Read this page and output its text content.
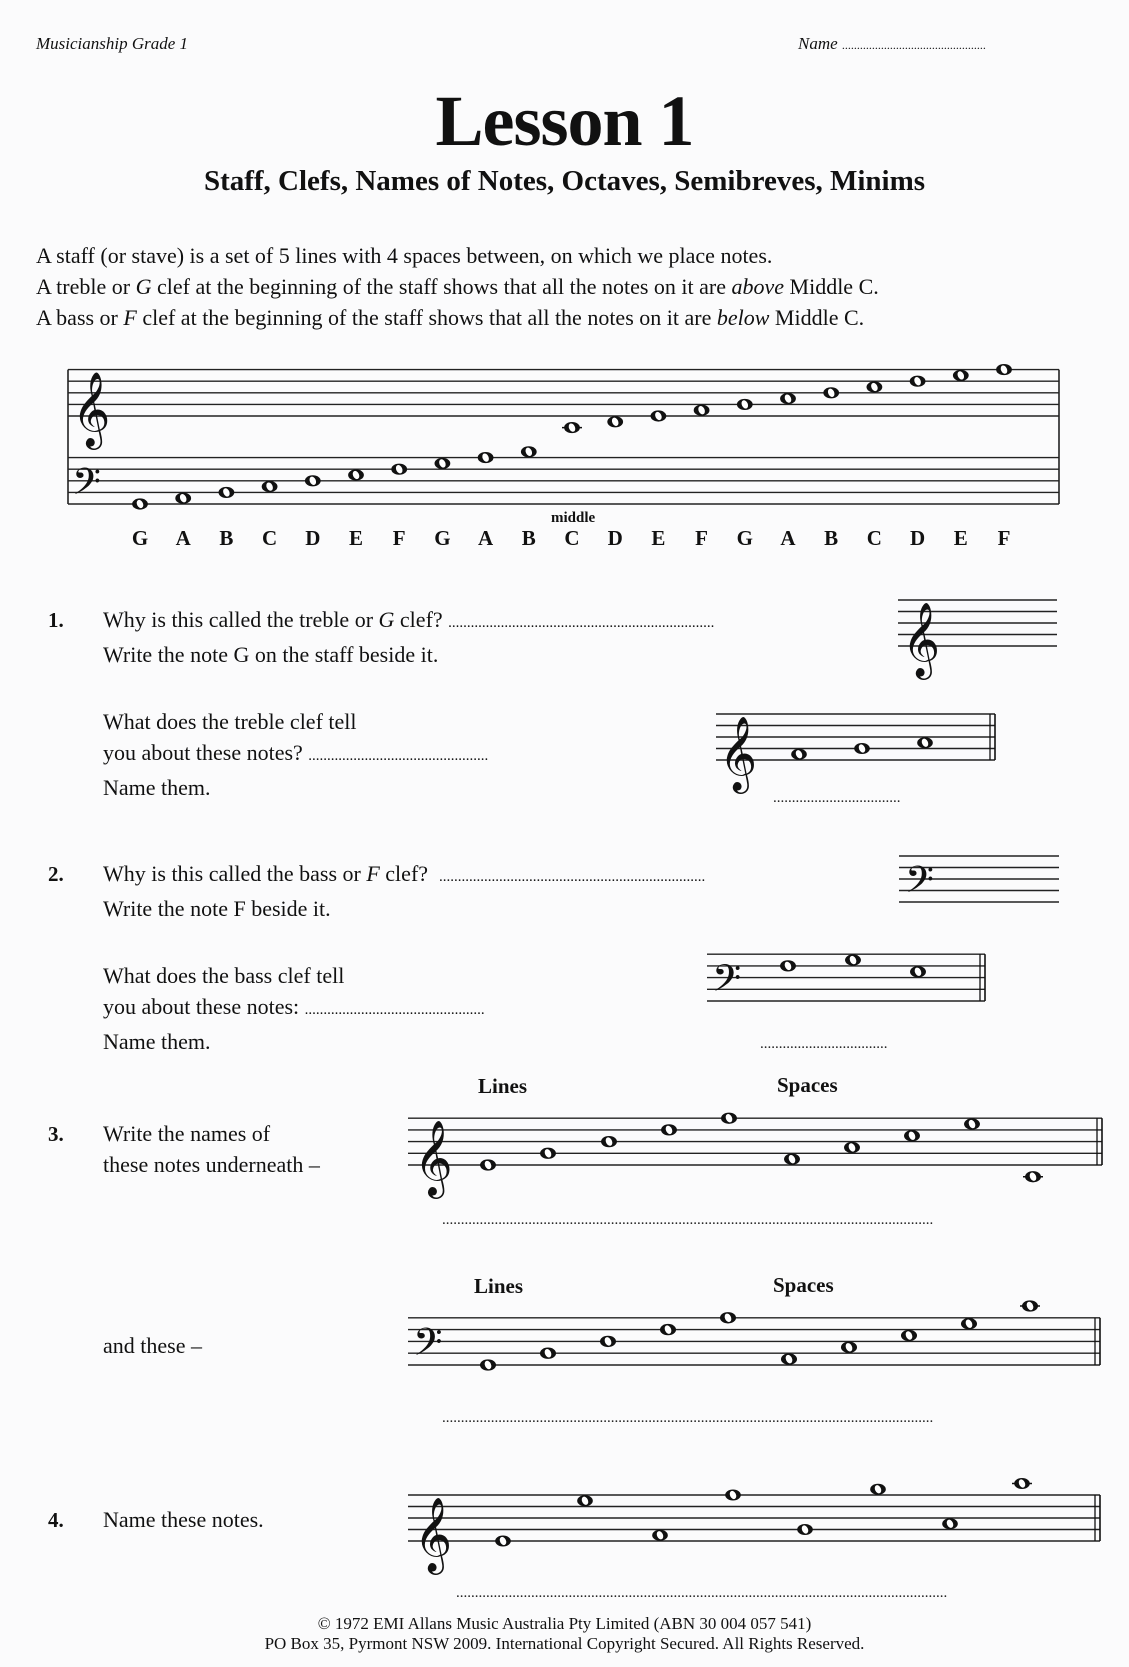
Musicianship Grade 1	Name ................................................
Lesson 1
Staff, Clefs, Names of Notes, Octaves, Semibreves, Minims
A staff (or stave) is a set of 5 lines with 4 spaces between, on which we place notes.
A treble or G clef at the beginning of the staff shows that all the notes on it are above Middle C.
A bass or F clef at the beginning of the staff shows that all the notes on it are below Middle C.
middle
G	A	B	C	D	E	F	G	A	B	C	D	E	F	G	A	B	C	D	E	F
1. Why is this called the treble or G clef? .......................................................................
Write the note G on the staff beside it.
What does the treble clef tell
you about these notes? ................................................
Name them.	..................................
2. Why is this called the bass or F clef? .......................................................................
Write the note F beside it.
What does the bass clef tell
you about these notes: ................................................
Name them.	..................................
Lines	Spaces
3. Write the names of
these notes underneath –
...................................................................................................................................
Lines	Spaces
and these –
...................................................................................................................................
4. Name these notes.
...................................................................................................................................
© 1972 EMI Allans Music Australia Pty Limited (ABN 30 004 057 541)
PO Box 35, Pyrmont NSW 2009. International Copyright Secured. All Rights Reserved.
𝄞
𝄢
𝄞
𝄞
𝄢
𝄢
𝄞
𝄢
𝄞
